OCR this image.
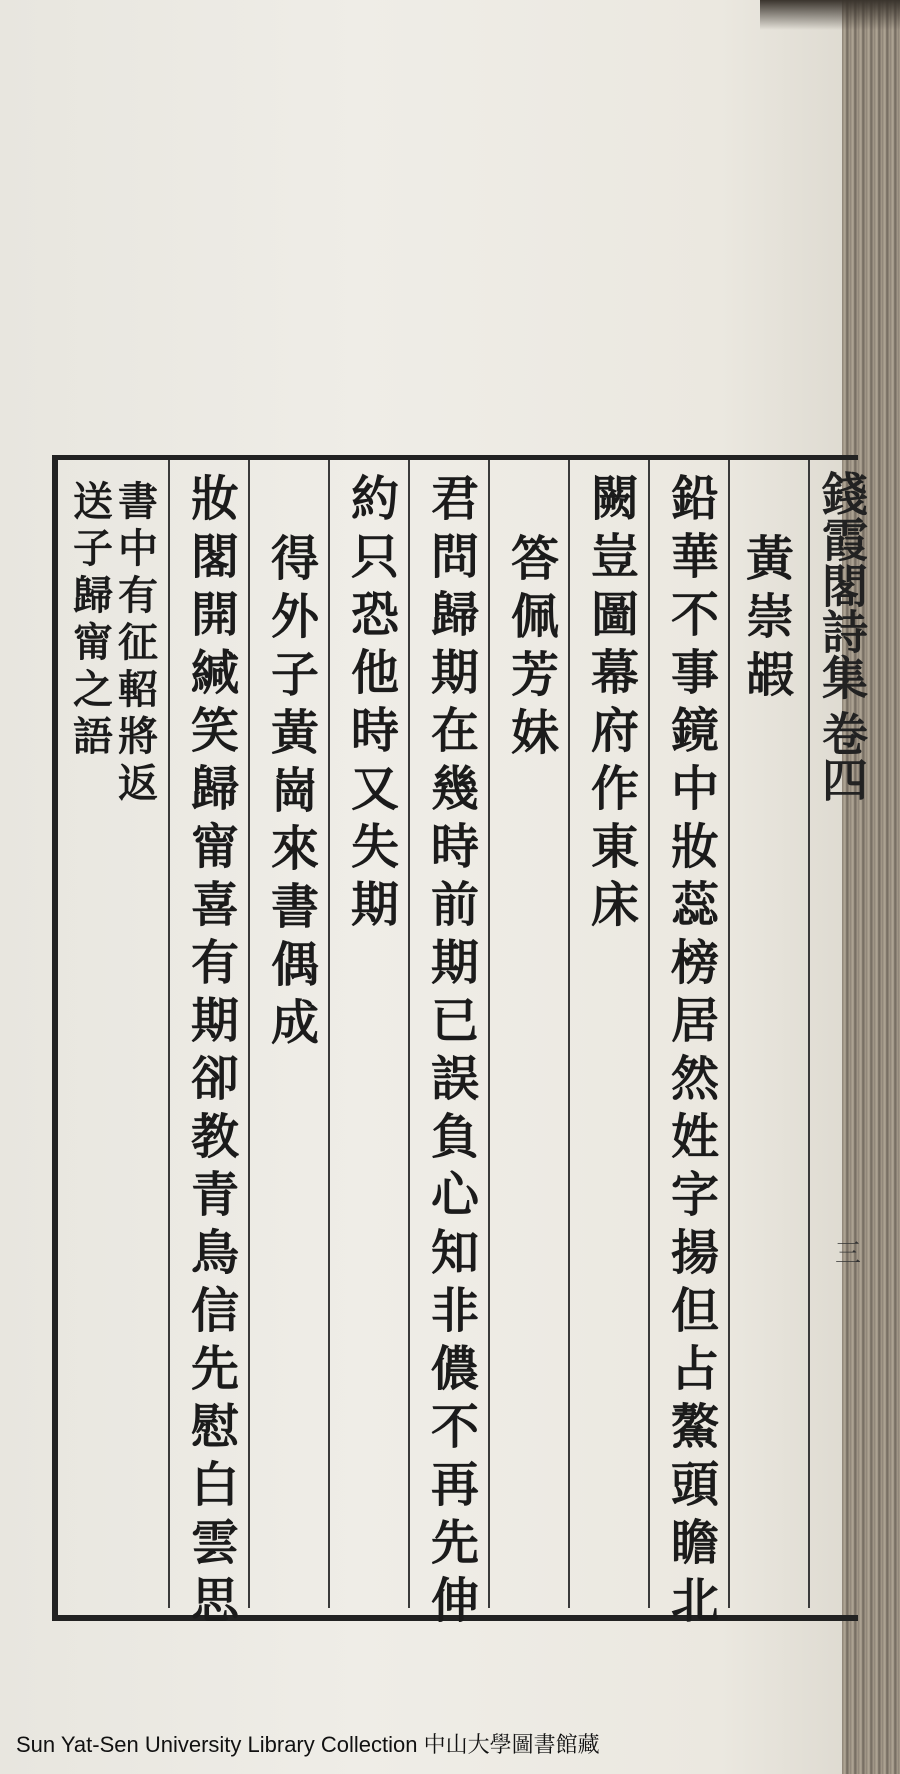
錢霞閣詩集
卷四
三
黃
崇
嘏
鉛
華
不
事
鏡
中
妝
蕊
榜
居
然
姓
字
揚
但
占
鰲
頭
瞻
北
闕
豈
圖
幕
府
作
東
床
答
佩
芳
妹
君
問
歸
期
在
幾
時
前
期
已
誤
負
心
知
非
儂
不
再
先
伸
約
只
恐
他
時
又
失
期
得
外
子
黃
崗
來
書
偶
成
妝
閣
開
緘
笑
歸
甯
喜
有
期
卻
教
青
鳥
信
先
慰
白
雲
思
書
中
有
征
軺
將
返
送
子
歸
甯
之
語
Sun Yat-Sen University Library Collection 中山大學圖書館藏
